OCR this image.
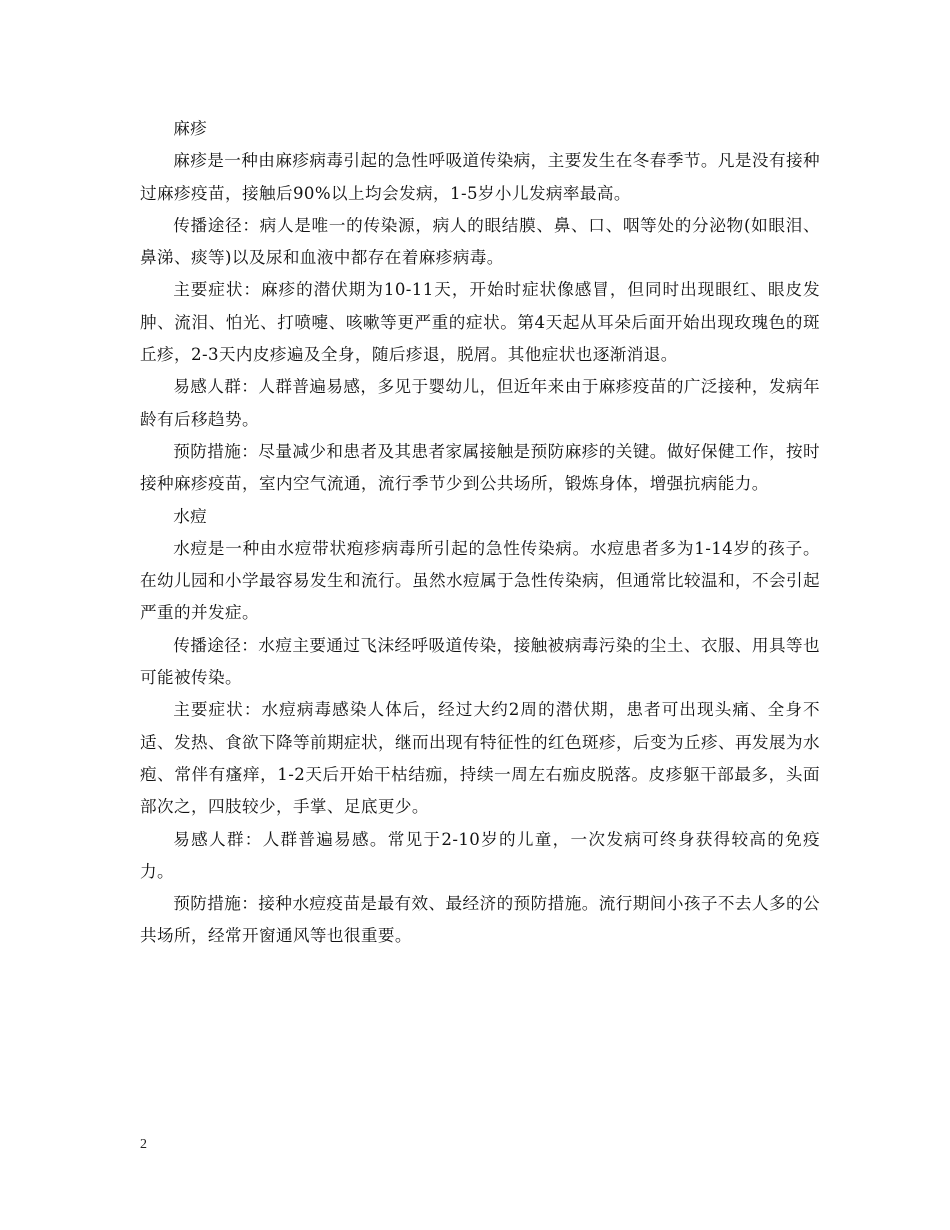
麻疹

麻疹是一种由麻疹病毒引起的急性呼吸道传染病，主要发生在冬春季节。凡是没有接种过麻疹疫苗，接触后90%以上均会发病，1-5岁小儿发病率最高。

传播途径：病人是唯一的传染源，病人的眼结膜、鼻、口、咽等处的分泌物(如眼泪、鼻涕、痰等)以及尿和血液中都存在着麻疹病毒。

主要症状：麻疹的潜伏期为10-11天，开始时症状像感冒，但同时出现眼红、眼皮发肿、流泪、怕光、打喷嚏、咳嗽等更严重的症状。第4天起从耳朵后面开始出现玫瑰色的斑丘疹，2-3天内皮疹遍及全身，随后疹退，脱屑。其他症状也逐渐消退。

易感人群：人群普遍易感，多见于婴幼儿，但近年来由于麻疹疫苗的广泛接种，发病年龄有后移趋势。

预防措施：尽量减少和患者及其患者家属接触是预防麻疹的关键。做好保健工作，按时接种麻疹疫苗，室内空气流通，流行季节少到公共场所，锻炼身体，增强抗病能力。

水痘

水痘是一种由水痘带状疱疹病毒所引起的急性传染病。水痘患者多为1-14岁的孩子。在幼儿园和小学最容易发生和流行。虽然水痘属于急性传染病，但通常比较温和，不会引起严重的并发症。

传播途径：水痘主要通过飞沫经呼吸道传染，接触被病毒污染的尘土、衣服、用具等也可能被传染。

主要症状：水痘病毒感染人体后，经过大约2周的潜伏期，患者可出现头痛、全身不适、发热、食欲下降等前期症状，继而出现有特征性的红色斑疹，后变为丘疹、再发展为水疱、常伴有瘙痒，1-2天后开始干枯结痂，持续一周左右痂皮脱落。皮疹躯干部最多，头面部次之，四肢较少，手掌、足底更少。

易感人群：人群普遍易感。常见于2-10岁的儿童，一次发病可终身获得较高的免疫力。

预防措施：接种水痘疫苗是最有效、最经济的预防措施。流行期间小孩子不去人多的公共场所，经常开窗通风等也很重要。

2
